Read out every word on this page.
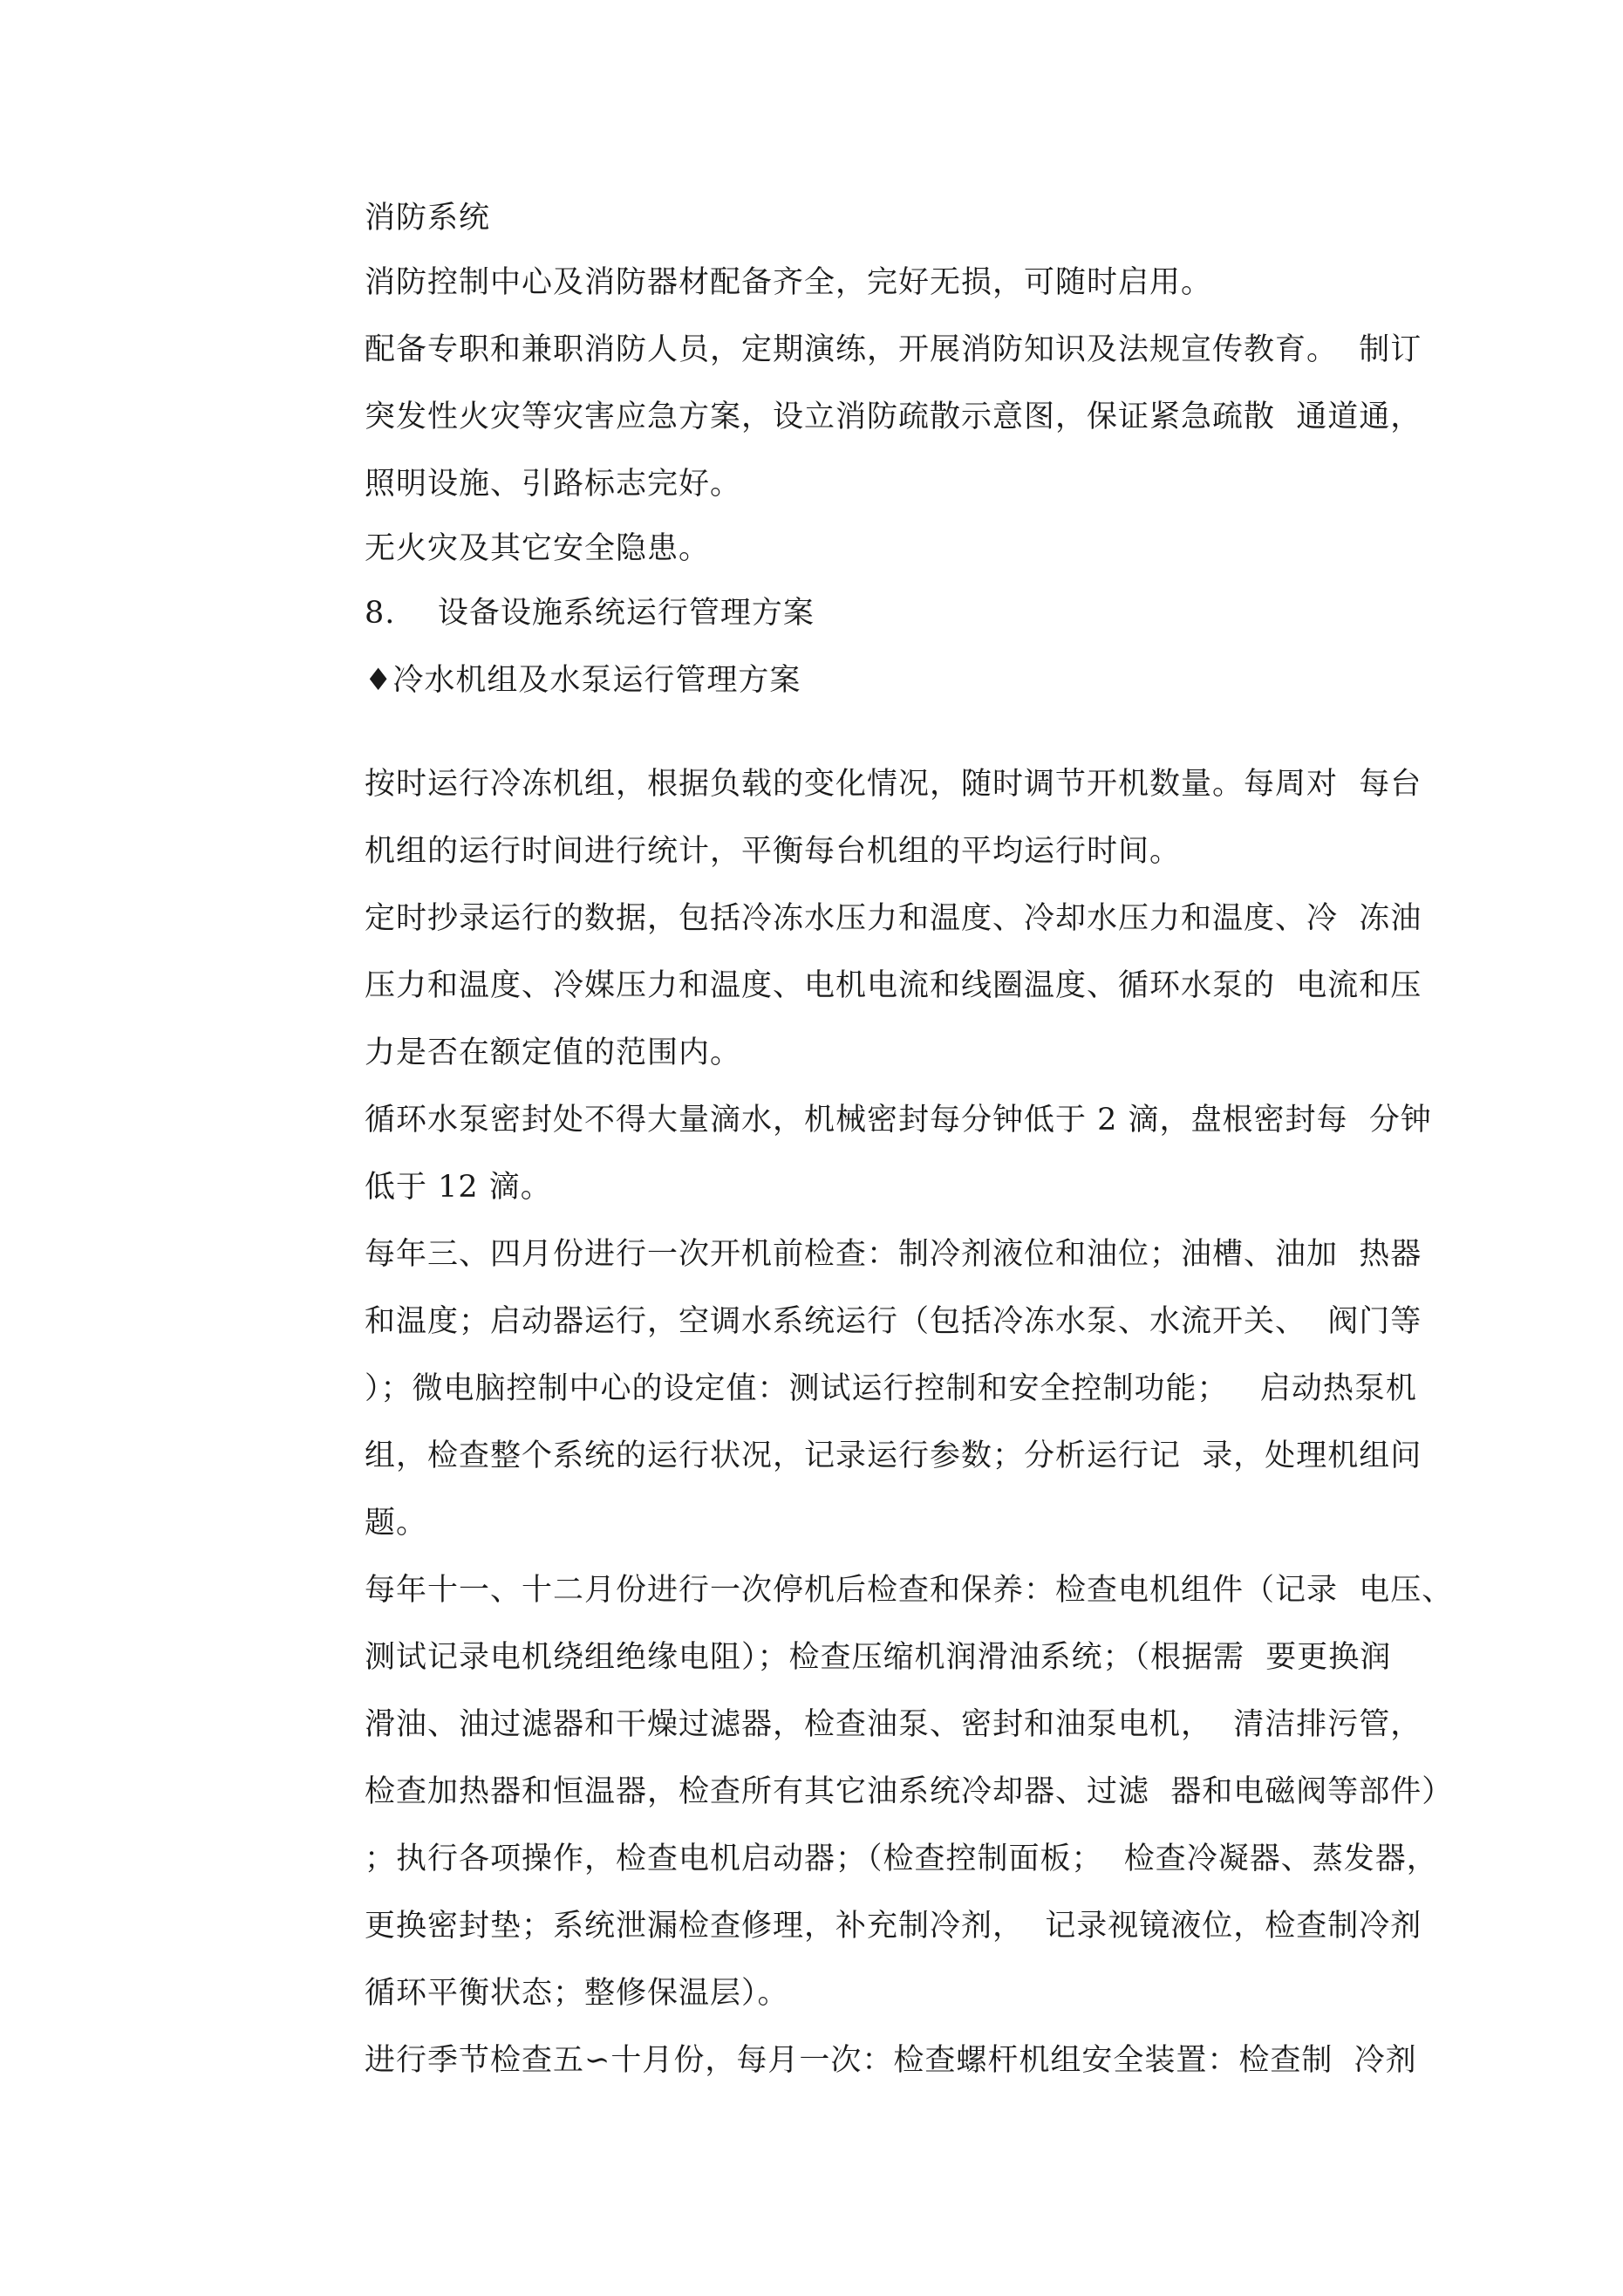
消防系统
消防控制中心及消防器材配备齐全，完好无损，可随时启用。
配备专职和兼职消防人员，定期演练，开展消防知识及法规宣传教育。  制订
突发性火灾等灾害应急方案，设立消防疏散示意图，保证紧急疏散  通道通，
照明设施、引路标志完好。
无火灾及其它安全隐患。
8.    设备设施系统运行管理方案
♦冷水机组及水泵运行管理方案
按时运行冷冻机组，根据负载的变化情况，随时调节开机数量。每周对  每台
机组的运行时间进行统计，平衡每台机组的平均运行时间。
定时抄录运行的数据，包括冷冻水压力和温度、冷却水压力和温度、冷  冻油
压力和温度、冷媒压力和温度、电机电流和线圈温度、循环水泵的  电流和压
力是否在额定值的范围内。
循环水泵密封处不得大量滴水，机械密封每分钟低于 2 滴，盘根密封每  分钟
低于 12 滴。
每年三、四月份进行一次开机前检查：制冷剂液位和油位；油槽、油加  热器
和温度；启动器运行，空调水系统运行（包括冷冻水泵、水流开关、  阀门等
）；微电脑控制中心的设定值：测试运行控制和安全控制功能；   启动热泵机
组，检查整个系统的运行状况，记录运行参数；分析运行记  录，处理机组问
题。
每年十一、十二月份进行一次停机后检查和保养：检查电机组件（记录  电压、
测试记录电机绕组绝缘电阻）；检查压缩机润滑油系统；（根据需  要更换润
滑油、油过滤器和干燥过滤器，检查油泵、密封和油泵电机，  清洁排污管，
检查加热器和恒温器，检查所有其它油系统冷却器、过滤  器和电磁阀等部件）
；执行各项操作，检查电机启动器；（检查控制面板；  检查冷凝器、蒸发器，
更换密封垫；系统泄漏检查修理，补充制冷剂，  记录视镜液位，检查制冷剂
循环平衡状态；整修保温层）。
进行季节检查五∽十月份，每月一次：检查螺杆机组安全装置：检查制  冷剂
